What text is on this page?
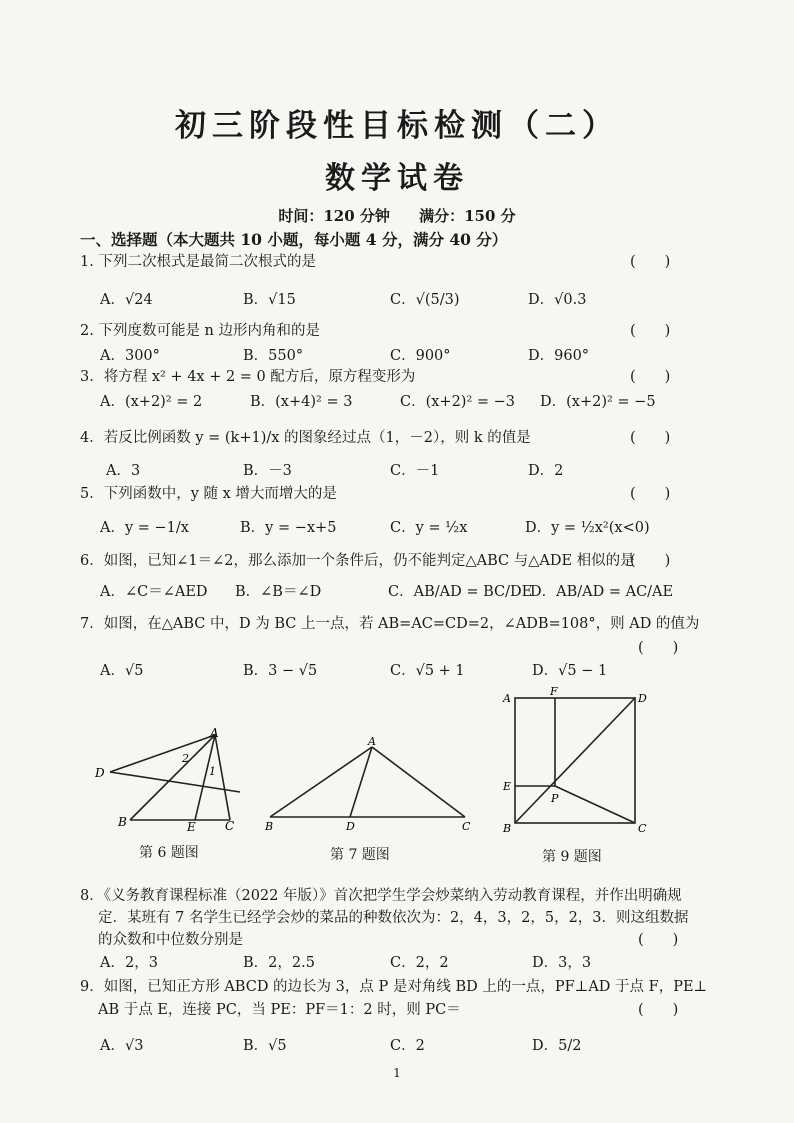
初三阶段性目标检测（二）
数学试卷
时间：120 分钟 满分：150 分
一、选择题（本大题共 10 小题，每小题 4 分，满分 40 分）
1. 下列二次根式是最简二次根式的是	(　　)
A．√24	B．√15	C．√(5/3)	D．√0.3
2. 下列度数可能是 n 边形内角和的是	(　　)
A．300°	B．550°	C．900°	D．960°
3．将方程 x² + 4x + 2 = 0 配方后，原方程变形为	(　　)
A．(x+2)² = 2	B．(x+4)² = 3	C．(x+2)² = −3 D．(x+2)² = −5
4．若反比例函数 y = (k+1)/x 的图象经过点（1，－2），则 k 的值是	(　　)
A．3	B．－3	C．－1	D．2
5．下列函数中，y 随 x 增大而增大的是	(　　)
A．y = −1/x	B．y = −x+5	C．y = ½x	D．y = ½x²(x<0)
6．如图，已知∠1＝∠2，那么添加一个条件后，仍不能判定△ABC 与△ADE 相似的是
(　　)
A．∠C＝∠AED B．∠B＝∠D	C．AB/AD = BC/DE
D．AB/AD = AC/AE
7．如图，在△ABC 中，D 为 BC 上一点，若 AB=AC=CD=2，∠ADB=108°，则 AD 的值为
(　　)
A．√5	B．3 − √5	C．√5 + 1	D．√5 − 1
A
D
B	E C
1
2
第 6 题图
A
B	D	C
第 7 题图
A
F
D
E
P
B	C
第 9 题图
8．《义务教育课程标准（2022 年版）》首次把学生学会炒菜纳入劳动教育课程，并作出明确规
定．某班有 7 名学生已经学会炒的菜品的种数依次为：2，4，3，2，5，2，3．则这组数据
的众数和中位数分别是	(　　)
A．2，3	B．2，2.5	C．2，2	D．3，3
9．如图，已知正方形 ABCD 的边长为 3，点 P 是对角线 BD 上的一点，PF⊥AD 于点 F，PE⊥
AB 于点 E，连接 PC，当 PE：PF＝1：2 时，则 PC＝	(　　)
A．√3	B．√5	C．2	D．5/2
1
